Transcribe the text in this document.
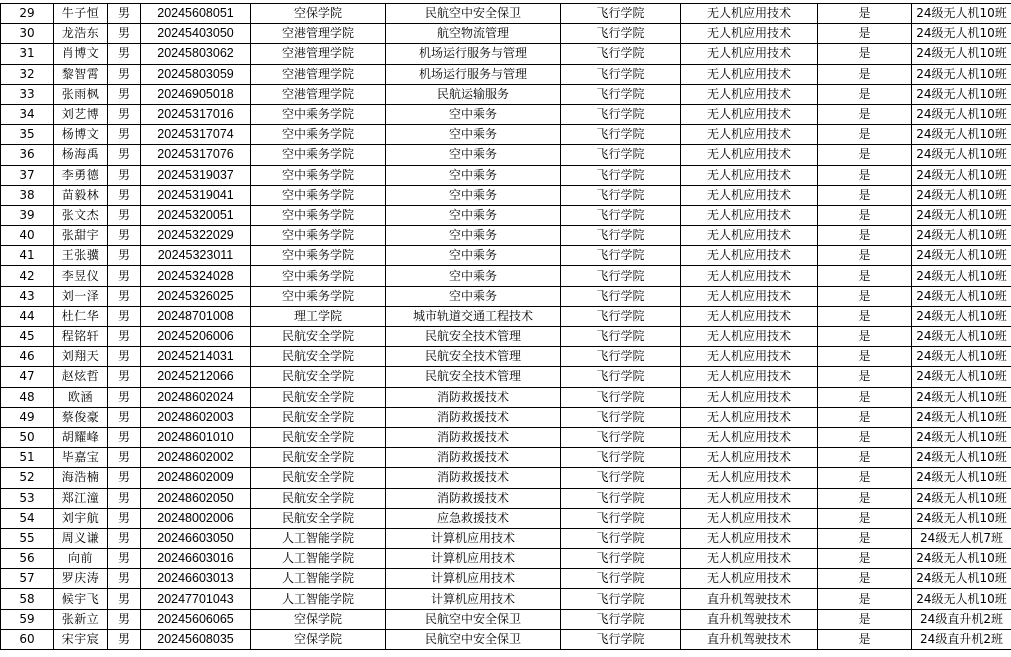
29	牛子恒	男	20245608051	空保学院	民航空中安全保卫	飞行学院	无人机应用技术	是	24级无人机10班
30	龙浩东	男	20245403050	空港管理学院	航空物流管理	飞行学院	无人机应用技术	是	24级无人机10班
31	肖博文	男	20245803062	空港管理学院	机场运行服务与管理	飞行学院	无人机应用技术	是	24级无人机10班
32	黎智霄	男	20245803059	空港管理学院	机场运行服务与管理	飞行学院	无人机应用技术	是	24级无人机10班
33	张雨枫	男	20246905018	空港管理学院	民航运输服务	飞行学院	无人机应用技术	是	24级无人机10班
34	刘艺博	男	20245317016	空中乘务学院	空中乘务	飞行学院	无人机应用技术	是	24级无人机10班
35	杨博文	男	20245317074	空中乘务学院	空中乘务	飞行学院	无人机应用技术	是	24级无人机10班
36	杨海禹	男	20245317076	空中乘务学院	空中乘务	飞行学院	无人机应用技术	是	24级无人机10班
37	李勇德	男	20245319037	空中乘务学院	空中乘务	飞行学院	无人机应用技术	是	24级无人机10班
38	苗毅林	男	20245319041	空中乘务学院	空中乘务	飞行学院	无人机应用技术	是	24级无人机10班
39	张文杰	男	20245320051	空中乘务学院	空中乘务	飞行学院	无人机应用技术	是	24级无人机10班
40	张甜宇	男	20245322029	空中乘务学院	空中乘务	飞行学院	无人机应用技术	是	24级无人机10班
41	王张骥	男	20245323011	空中乘务学院	空中乘务	飞行学院	无人机应用技术	是	24级无人机10班
42	李昱仪	男	20245324028	空中乘务学院	空中乘务	飞行学院	无人机应用技术	是	24级无人机10班
43	刘一泽	男	20245326025	空中乘务学院	空中乘务	飞行学院	无人机应用技术	是	24级无人机10班
44	杜仁华	男	20248701008	理工学院	城市轨道交通工程技术	飞行学院	无人机应用技术	是	24级无人机10班
45	程铭轩	男	20245206006	民航安全学院	民航安全技术管理	飞行学院	无人机应用技术	是	24级无人机10班
46	刘翔天	男	20245214031	民航安全学院	民航安全技术管理	飞行学院	无人机应用技术	是	24级无人机10班
47	赵炫哲	男	20245212066	民航安全学院	民航安全技术管理	飞行学院	无人机应用技术	是	24级无人机10班
48	欧涵	男	20248602024	民航安全学院	消防救援技术	飞行学院	无人机应用技术	是	24级无人机10班
49	蔡俊豪	男	20248602003	民航安全学院	消防救援技术	飞行学院	无人机应用技术	是	24级无人机10班
50	胡耀峰	男	20248601010	民航安全学院	消防救援技术	飞行学院	无人机应用技术	是	24级无人机10班
51	毕嘉宝	男	20248602002	民航安全学院	消防救援技术	飞行学院	无人机应用技术	是	24级无人机10班
52	海浩楠	男	20248602009	民航安全学院	消防救援技术	飞行学院	无人机应用技术	是	24级无人机10班
53	郑江潼	男	20248602050	民航安全学院	消防救援技术	飞行学院	无人机应用技术	是	24级无人机10班
54	刘宇航	男	20248002006	民航安全学院	应急救援技术	飞行学院	无人机应用技术	是	24级无人机10班
55	周义谦	男	20246603050	人工智能学院	计算机应用技术	飞行学院	无人机应用技术	是	24级无人机7班
56	向前	男	20246603016	人工智能学院	计算机应用技术	飞行学院	无人机应用技术	是	24级无人机10班
57	罗庆涛	男	20246603013	人工智能学院	计算机应用技术	飞行学院	无人机应用技术	是	24级无人机10班
58	候宇飞	男	20247701043	人工智能学院	计算机应用技术	飞行学院	直升机驾驶技术	是	24级无人机10班
59	张新立	男	20245606065	空保学院	民航空中安全保卫	飞行学院	直升机驾驶技术	是	24级直升机2班
60	宋宇宸	男	20245608035	空保学院	民航空中安全保卫	飞行学院	直升机驾驶技术	是	24级直升机2班
